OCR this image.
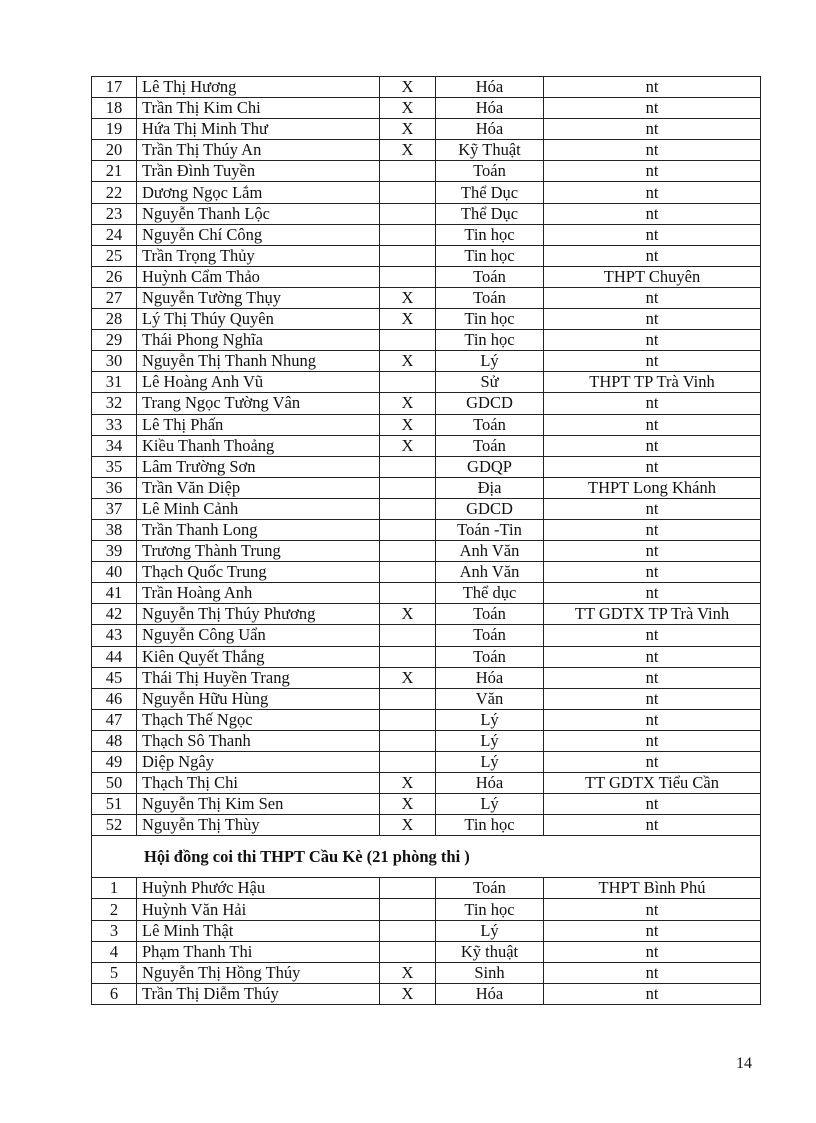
17	Lê Thị Hương	X	Hóa	nt
18	Trần Thị Kim Chi	X	Hóa	nt
19	Hứa Thị Minh Thư	X	Hóa	nt
20	Trần Thị Thúy An	X	Kỹ Thuật	nt
21	Trần Đình Tuyền		Toán	nt
22	Dương Ngọc Lắm		Thể Dục	nt
23	Nguyễn Thanh Lộc		Thể Dục	nt
24	Nguyễn Chí Công		Tin học	nt
25	Trần Trọng Thủy		Tin học	nt
26	Huỳnh Cẩm Thảo		Toán	THPT Chuyên
27	Nguyễn Tường Thụy	X	Toán	nt
28	Lý Thị Thúy Quyên	X	Tin học	nt
29	Thái Phong Nghĩa		Tin học	nt
30	Nguyễn Thị Thanh Nhung	X	Lý	nt
31	Lê Hoàng Anh Vũ		Sử	THPT TP Trà Vinh
32	Trang Ngọc Tường Vân	X	GDCD	nt
33	Lê Thị Phấn	X	Toán	nt
34	Kiều Thanh Thoảng	X	Toán	nt
35	Lâm Trường Sơn		GDQP	nt
36	Trần Văn Diệp		Địa	THPT Long Khánh
37	Lê Minh Cảnh		GDCD	nt
38	Trần Thanh Long		Toán -Tin	nt
39	Trương Thành Trung		Anh Văn	nt
40	Thạch Quốc Trung		Anh Văn	nt
41	Trần Hoàng Anh		Thể dục	nt
42	Nguyễn Thị Thúy Phương	X	Toán	TT GDTX TP Trà Vinh
43	Nguyễn Công Uẩn		Toán	nt
44	Kiên Quyết Thắng		Toán	nt
45	Thái Thị Huyền Trang	X	Hóa	nt
46	Nguyễn Hữu Hùng		Văn	nt
47	Thạch Thế Ngọc		Lý	nt
48	Thạch Sô Thanh		Lý	nt
49	Diệp Ngây		Lý	nt
50	Thạch Thị Chi	X	Hóa	TT GDTX Tiểu Cần
51	Nguyễn Thị Kim Sen	X	Lý	nt
52	Nguyễn Thị Thùy	X	Tin học	nt
Hội đồng coi thi THPT Cầu Kè (21 phòng thi )				
1	Huỳnh Phước Hậu		Toán	THPT Bình Phú
2	Huỳnh Văn Hải		Tin học	nt
3	Lê Minh Thật		Lý	nt
4	Phạm Thanh Thi		Kỹ thuật	nt
5	Nguyễn Thị Hồng Thúy	X	Sinh	nt
6	Trần Thị Diễm Thúy	X	Hóa	nt
14
